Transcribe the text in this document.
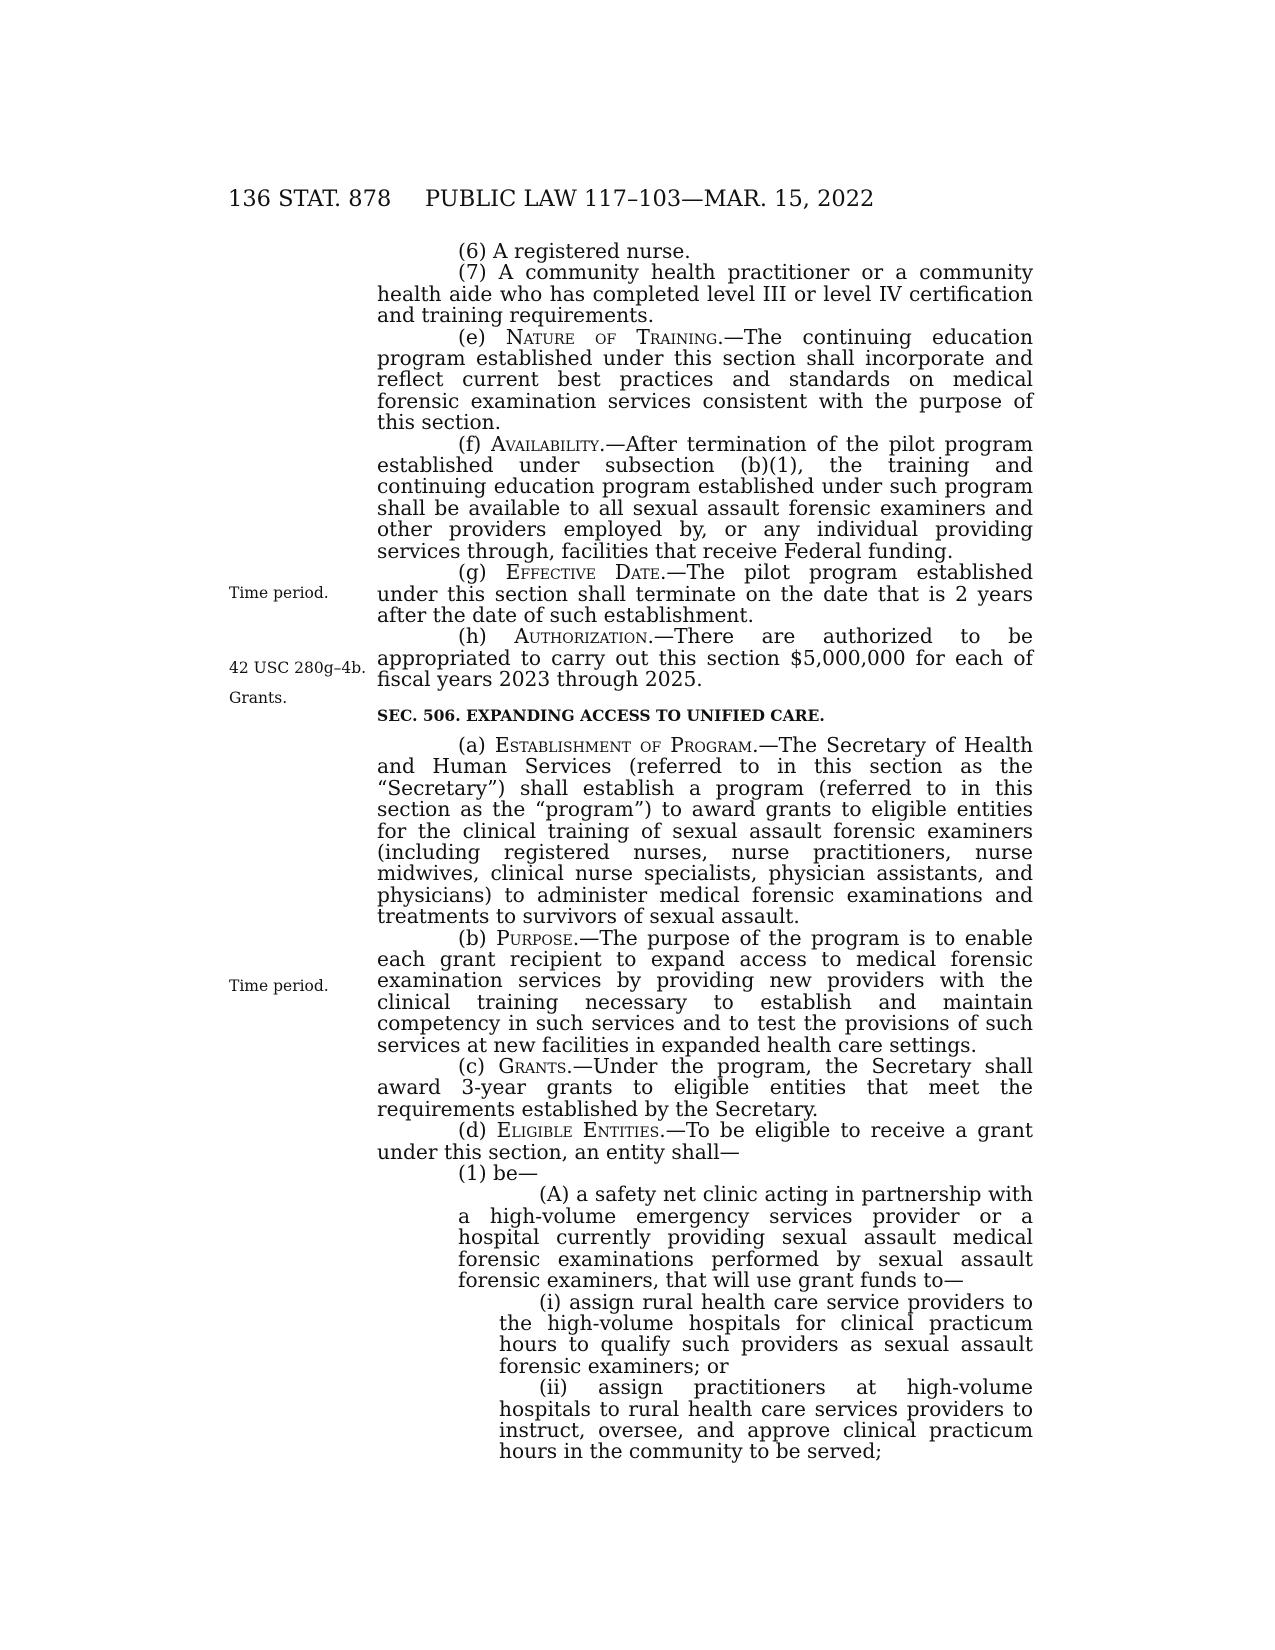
136 STAT. 878 PUBLIC LAW 117–103—MAR. 15, 2022
Time period.
42 USC 280g–4b.
Grants.
Time period.

(6) A registered nurse.

(7) A community health practitioner or a community health aide who has completed level III or level IV certification and training requirements.

(e) Nature of Training.—The continuing education program established under this section shall incorporate and reflect current best practices and standards on medical forensic examination services consistent with the purpose of this section.

(f) Availability.—After termination of the pilot program established under subsection (b)(1), the training and continuing education program established under such program shall be available to all sexual assault forensic examiners and other providers employed by, or any individual providing services through, facilities that receive Federal funding.

(g) Effective Date.—The pilot program established under this section shall terminate on the date that is 2 years after the date of such establishment.

(h) Authorization.—There are authorized to be appropriated to carry out this section $5,000,000 for each of fiscal years 2023 through 2025.

SEC. 506. EXPANDING ACCESS TO UNIFIED CARE.

(a) Establishment of Program.—The Secretary of Health and Human Services (referred to in this section as the “Secretary”) shall establish a program (referred to in this section as the “program”) to award grants to eligible entities for the clinical training of sexual assault forensic examiners (including registered nurses, nurse practitioners, nurse midwives, clinical nurse specialists, physician assistants, and physicians) to administer medical forensic examinations and treatments to survivors of sexual assault.

(b) Purpose.—The purpose of the program is to enable each grant recipient to expand access to medical forensic examination services by providing new providers with the clinical training necessary to establish and maintain competency in such services and to test the provisions of such services at new facilities in expanded health care settings.

(c) Grants.—Under the program, the Secretary shall award 3-year grants to eligible entities that meet the requirements established by the Secretary.

(d) Eligible Entities.—To be eligible to receive a grant under this section, an entity shall—

(1) be—

(A) a safety net clinic acting in partnership with a high-volume emergency services provider or a hospital currently providing sexual assault medical forensic examinations performed by sexual assault forensic examiners, that will use grant funds to—

(i) assign rural health care service providers to the high-volume hospitals for clinical practicum hours to qualify such providers as sexual assault forensic examiners; or

(ii) assign practitioners at high-volume hospitals to rural health care services providers to instruct, oversee, and approve clinical practicum hours in the community to be served;
